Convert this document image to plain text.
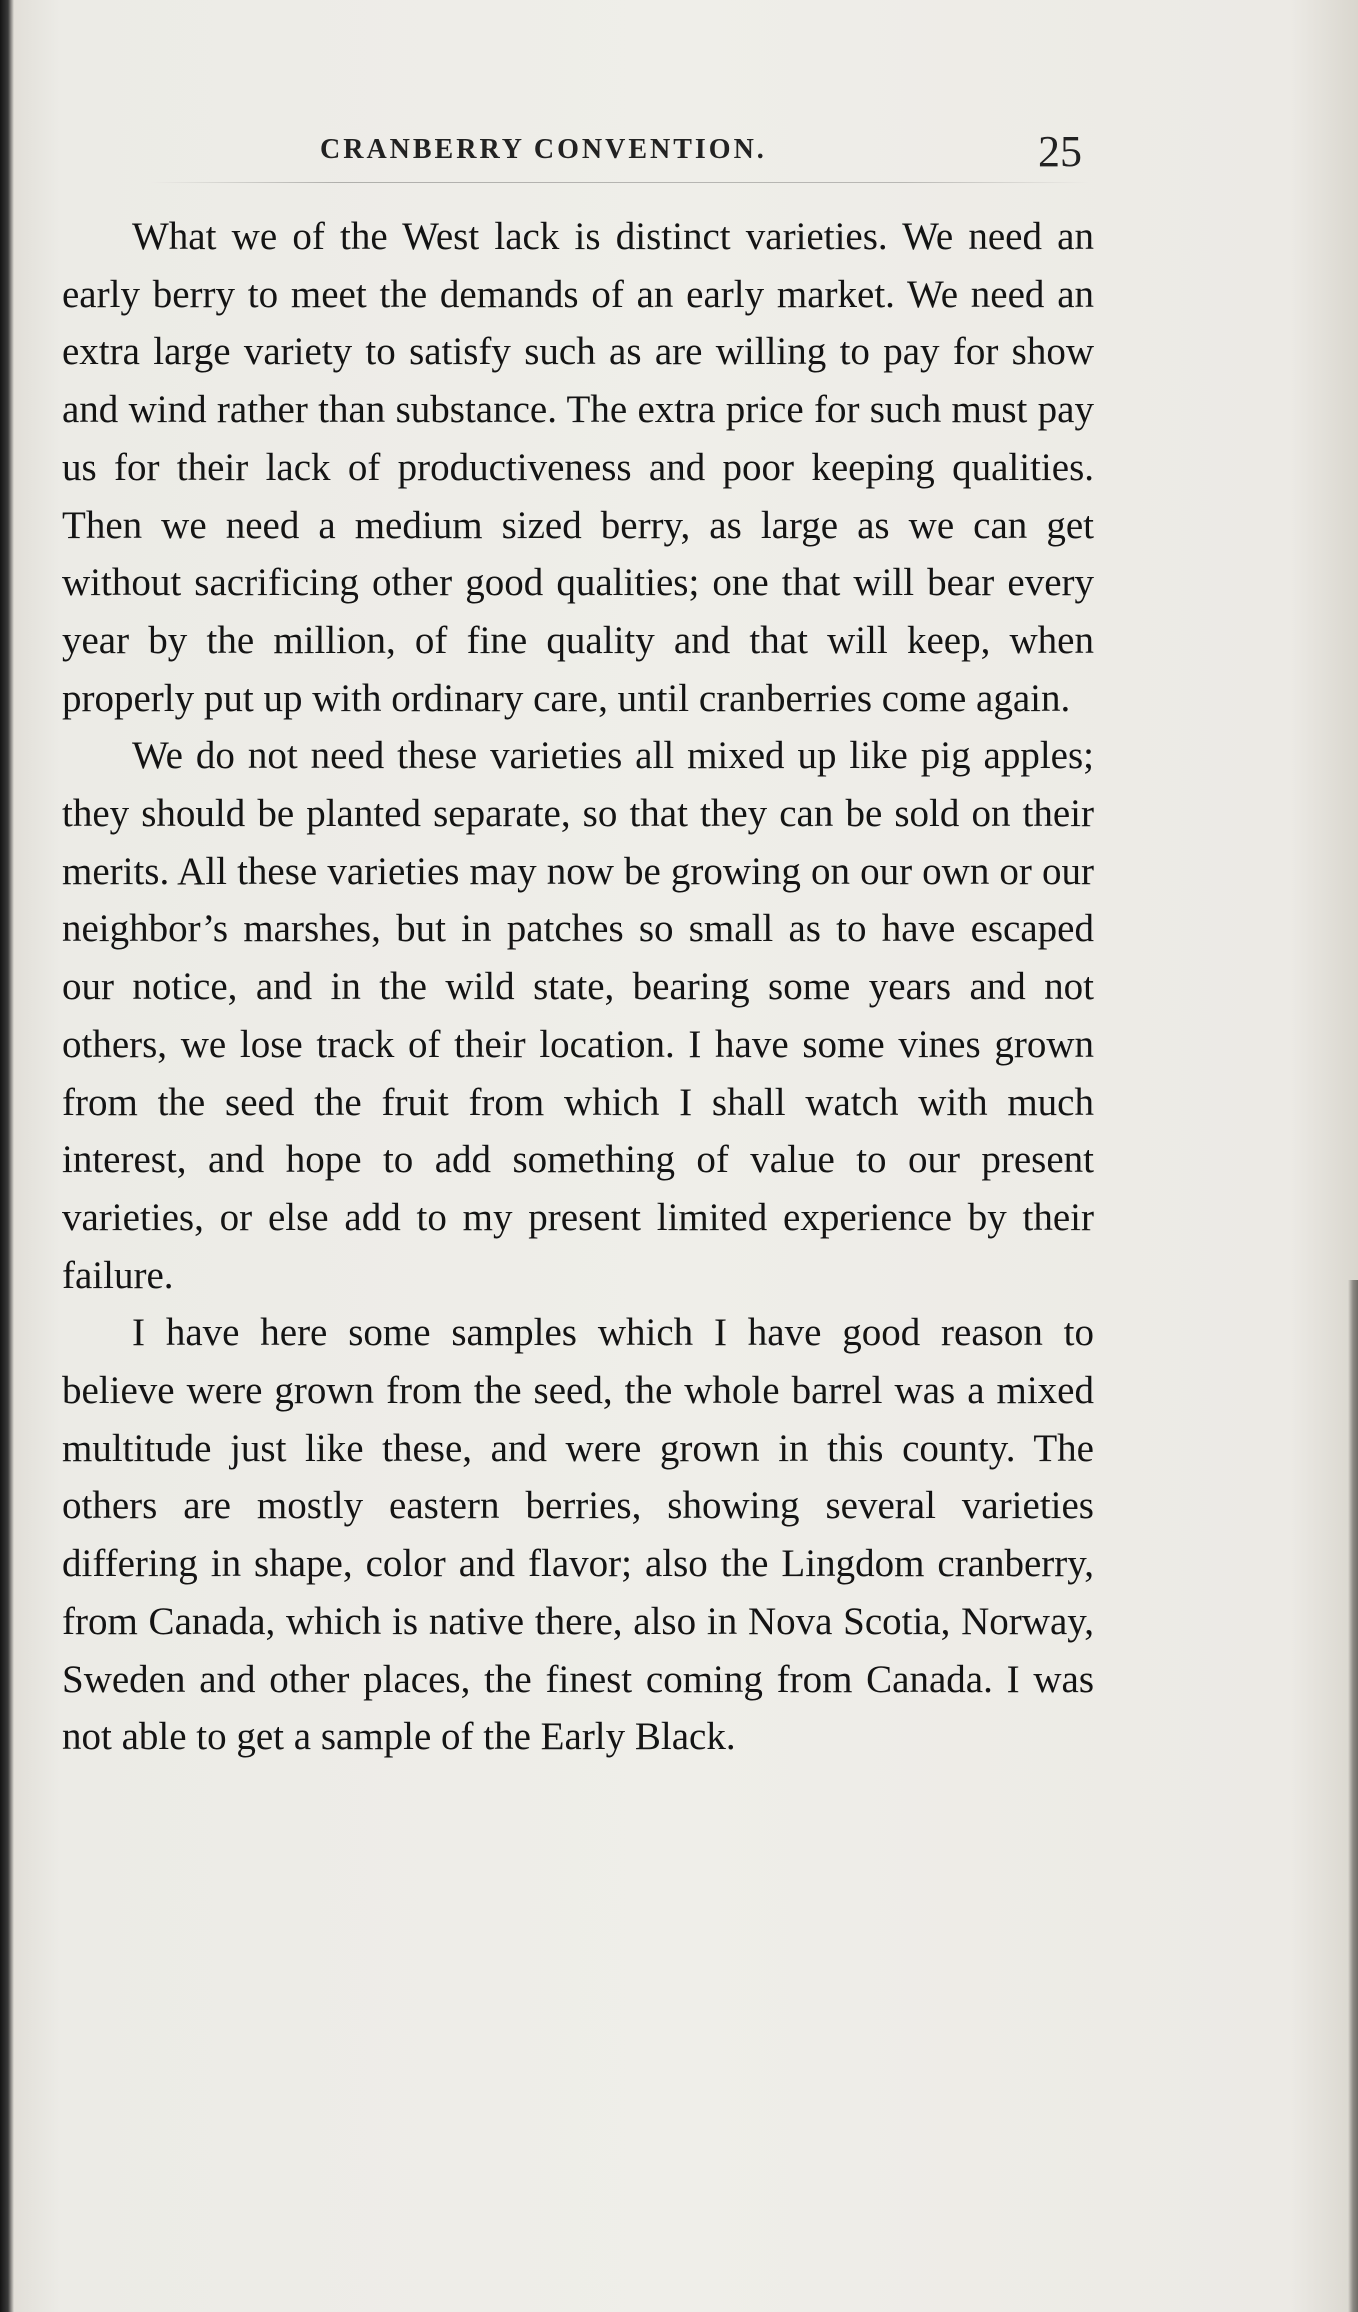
CRANBERRY CONVENTION.	25

What we of the West lack is distinct varieties. We need an early berry to meet the demands of an early market. We need an extra large variety to satisfy such as are willing to pay for show and wind rather than substance. The extra price for such must pay us for their lack of productiveness and poor keeping qualities. Then we need a medium sized berry, as large as we can get without sacrificing other good qualities; one that will bear every year by the million, of fine quality and that will keep, when properly put up with ordinary care, until cranberries come again.

We do not need these varieties all mixed up like pig apples; they should be planted separate, so that they can be sold on their merits. All these varieties may now be growing on our own or our neighbor’s marshes, but in patches so small as to have escaped our notice, and in the wild state, bearing some years and not others, we lose track of their location. I have some vines grown from the seed the fruit from which I shall watch with much interest, and hope to add something of value to our present varieties, or else add to my present limited experience by their failure.

I have here some samples which I have good reason to believe were grown from the seed, the whole barrel was a mixed multitude just like these, and were grown in this county. The others are mostly eastern berries, showing several varieties differing in shape, color and flavor; also the Lingdom cranberry, from Canada, which is native there, also in Nova Scotia, Norway, Sweden and other places, the finest coming from Canada. I was not able to get a sample of the Early Black.
